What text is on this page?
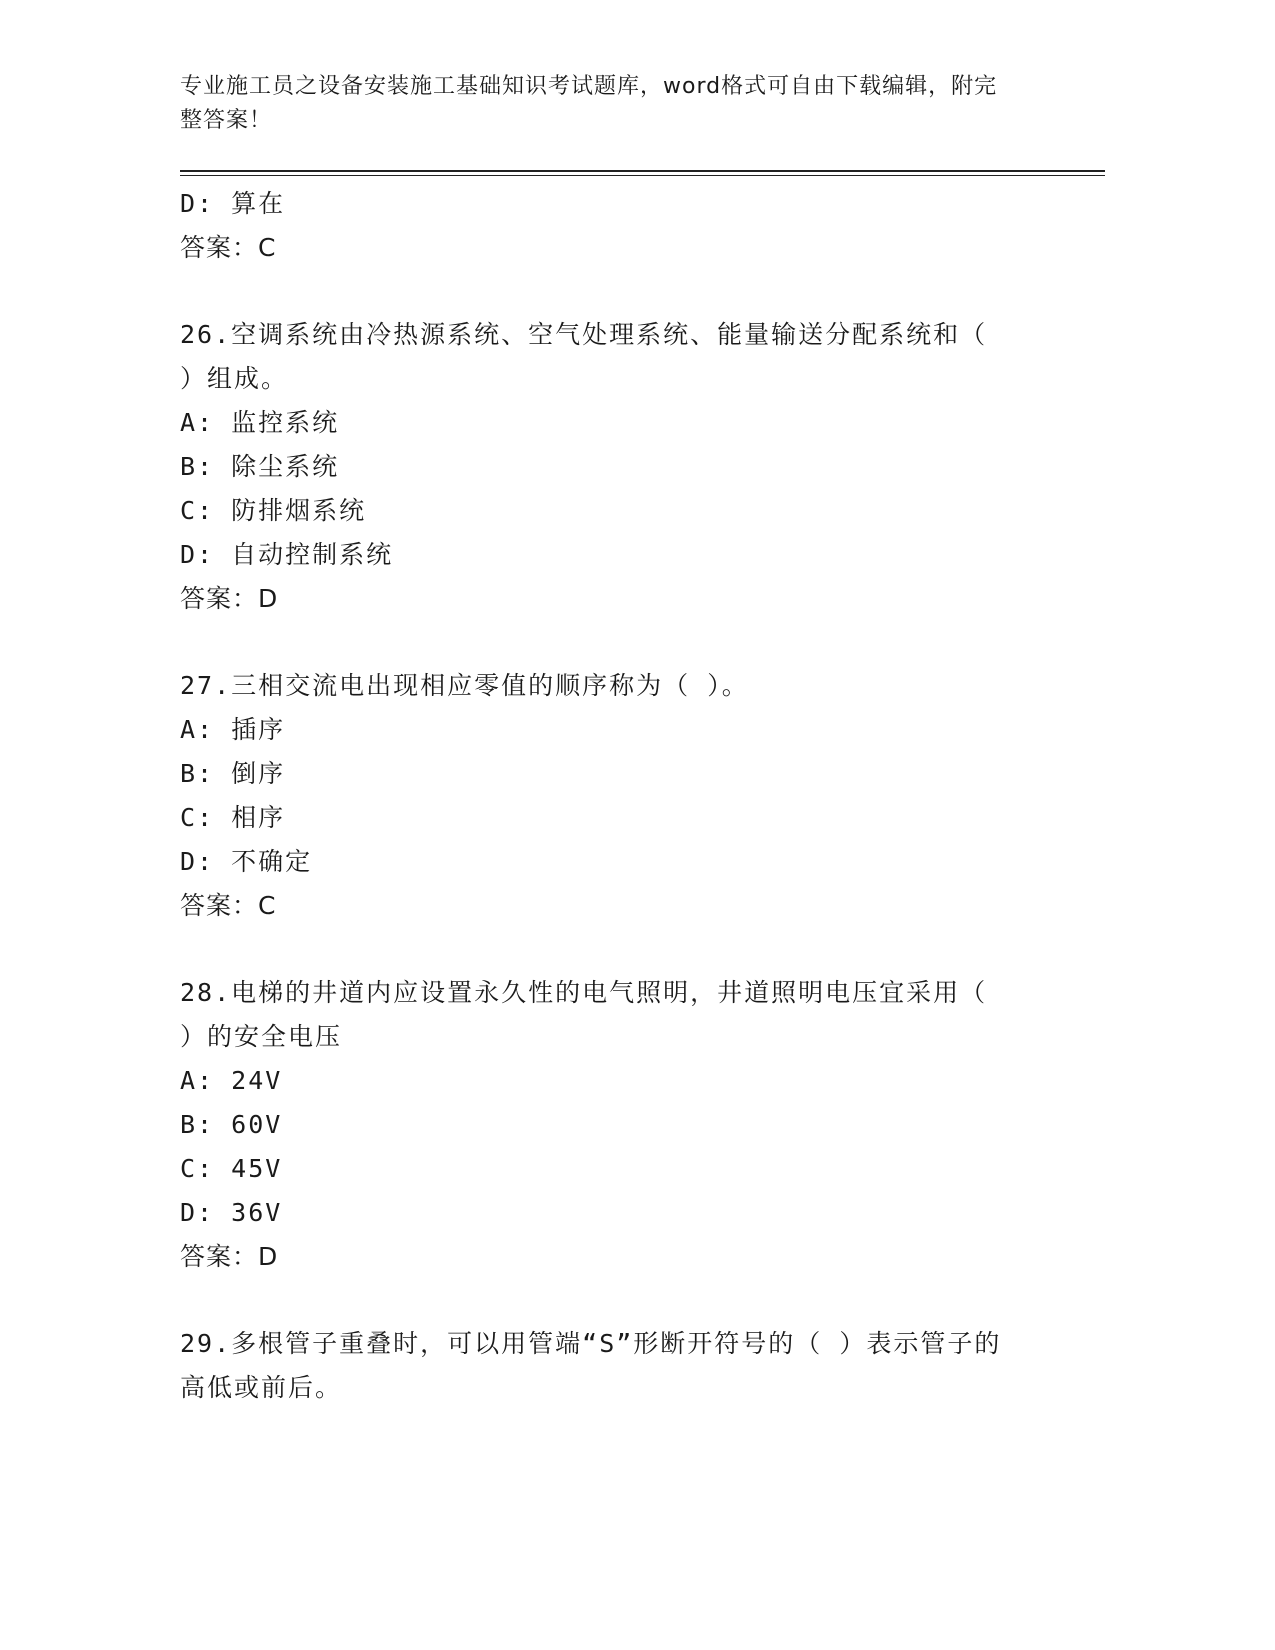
专业施工员之设备安装施工基础知识考试题库，word格式可自由下载编辑，附完
整答案！
D: 算在
答案：C
26.空调系统由冷热源系统、空气处理系统、能量输送分配系统和（
）组成。
A: 监控系统
B: 除尘系统
C: 防排烟系统
D: 自动控制系统
答案：D
27.三相交流电出现相应零值的顺序称为（ ）。
A: 插序
B: 倒序
C: 相序
D: 不确定
答案：C
28.电梯的井道内应设置永久性的电气照明，井道照明电压宜采用（
）的安全电压
A: 24V
B: 60V
C: 45V
D: 36V
答案：D
29.多根管子重叠时，可以用管端“S”形断开符号的（ ）表示管子的
高低或前后。
